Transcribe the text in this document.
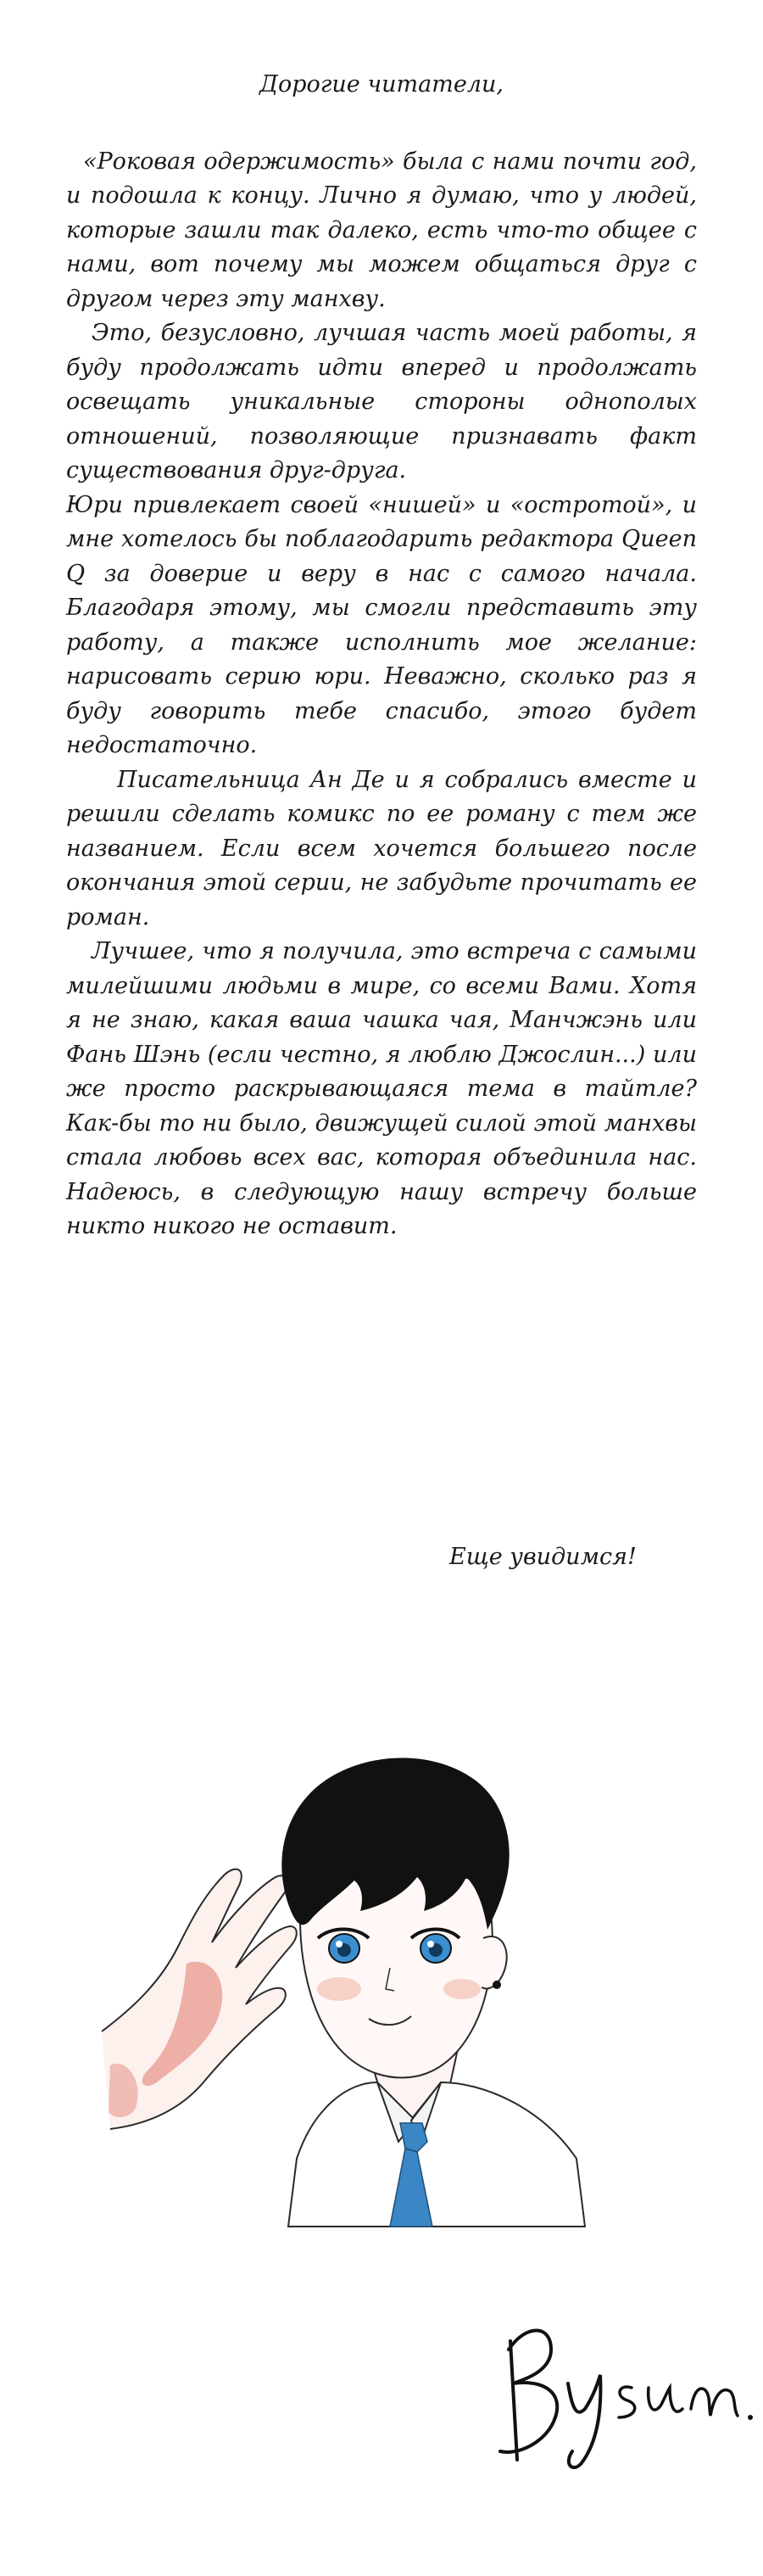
Дорогие читатели,

«Роковая одержимость» была с нами почти год, и подошла к концу. Лично я думаю, что у людей, которые зашли так далеко, есть что-то общее с нами, вот почему мы можем общаться друг с другом через эту манхву.

Это, безусловно, лучшая часть моей работы, я буду продолжать идти вперед и продолжать освещать уникальные стороны однополых отношений, позволяющие признавать факт существования друг-друга.

Юри привлекает своей «нишей» и «остротой», и мне хотелось бы поблагодарить редактора Queen Q за доверие и веру в нас с самого начала. Благодаря этому, мы смогли представить эту работу, а также исполнить мое желание: нарисовать серию юри. Неважно, сколько раз я буду говорить тебе спасибо, этого будет недостаточно.

Писательница Ан Де и я собрались вместе и решили сделать комикс по ее роману с тем же названием. Если всем хочется большего после окончания этой серии, не забудьте прочитать ее роман.

Лучшее, что я получила, это встреча с самыми милейшими людьми в мире, со всеми Вами. Хотя я не знаю, какая ваша чашка чая, Манчжэнь или Фань Шэнь (если честно, я люблю Джослин...) или же просто раскрывающаяся тема в тайтле? Как-бы то ни было, движущей силой этой манхвы стала любовь всех вас, которая объединила нас. Надеюсь, в следующую нашу встречу больше никто никого не оставит.

Еще увидимся!
